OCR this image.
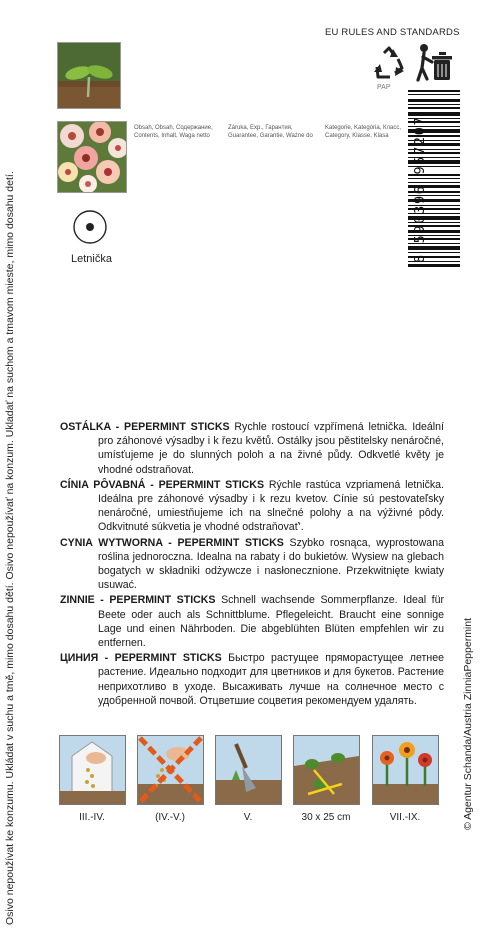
Osivo nepoužívat ke konzumu. Ukládat v suchu a tmě, mimo dosahu dětí. Osivo nepoužívať na konzum. Ukladať na suchom a tmavom mieste, mimo dosahu detí.	© Agentur Schanda/Austria ZinniaPeppermint
EU RULES AND STANDARDS
PAP
Obsah, Obsah, Содержание,
Contents, Inhalt, Waga netto
Záruka, Exp., Гарантия,
Guarantee, Garantie, Ważne do
Kategorie, Kategória, Класс,
Category, Klasse, Klasa
Letnička	8 590396 957207

OSTÁLKA - PEPERMINT STICKS Rychle rostoucí vzpřímená letnička. Ideální pro záhonové výsadby i k řezu květů. Ostálky jsou pěstitelsky nenáročné, umísťujeme je do slunných poloh a na živné půdy. Odkvetlé květy je vhodné odstraňovat.

CÍNIA PÔVABNÁ - PEPERMINT STICKS Rýchle rastúca vzpriamená letnička. Ideálna pre záhonové výsadby i k rezu kvetov. Cínie sú pestovateľsky nenáročné, umiestňujeme ich na slnečné polohy a na výživné pôdy. Odkvitnuté súkvetia je vhodné odstraňovať'.

CYNIA WYTWORNA - PEPERMINT STICKS Szybko rosnąca, wyprostowana roślina jednoroczna. Idealna na rabaty i do bukietów. Wysiew na glebach bogatych w składniki odżywcze i nasłonecznione. Przekwitnięte kwiaty usuwać.

ZINNIE - PEPERMINT STICKS Schnell wachsende Sommerpflanze. Ideal für Beete oder auch als Schnittblume. Pflegeleicht. Braucht eine sonnige Lage und einen Nährboden. Die abgeblühten Blüten empfehlen wir zu entfernen.

ЦИНИЯ - PEPERMINT STICKS Быстро растущее пряморастущее летнее растение. Идеально подходит для цветников и для букетов. Растение неприхотливо в уходе. Высаживать лучше на солнечное место с удобренной почвой. Отцветшие соцветия рекомендуем удалять.

III.-IV.	(IV.-V.)	V.	30 x 25 cm	VII.-IX.
